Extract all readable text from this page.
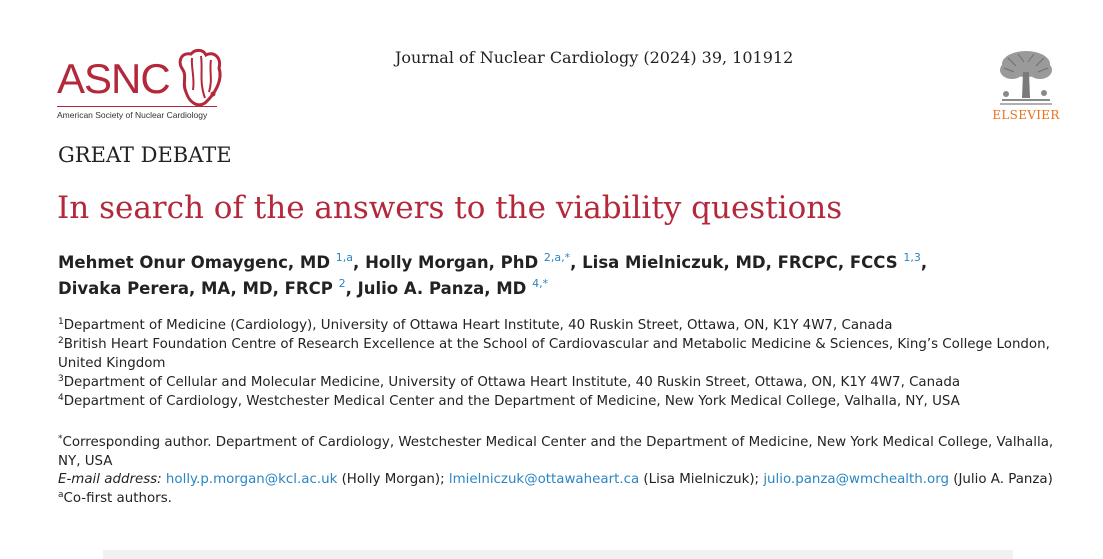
ASNC
American Society of Nuclear Cardiology
Journal of Nuclear Cardiology (2024) 39, 101912
ELSEVIER
GREAT DEBATE
In search of the answers to the viability questions
Mehmet Onur Omaygenc, MD $^{1,a}$, Holly Morgan, PhD $^{2,a,*}$, Lisa Mielniczuk, MD, FRCPC, FCCS $^{1,3}$,
Divaka Perera, MA, MD, FRCP $^2$, Julio A. Panza, MD $^{4,*}$

$^1$Department of Medicine (Cardiology), University of Ottawa Heart Institute, 40 Ruskin Street, Ottawa, ON, K1Y 4W7, Canada

$^2$British Heart Foundation Centre of Research Excellence at the School of Cardiovascular and Metabolic Medicine & Sciences, King’s College London, United Kingdom

$^3$Department of Cellular and Molecular Medicine, University of Ottawa Heart Institute, 40 Ruskin Street, Ottawa, ON, K1Y 4W7, Canada

$^4$Department of Cardiology, Westchester Medical Center and the Department of Medicine, New York Medical College, Valhalla, NY, USA

*Corresponding author. Department of Cardiology, Westchester Medical Center and the Department of Medicine, New York Medical College, Valhalla, NY, USA

E-mail address: holly.p.morgan@kcl.ac.uk (Holly Morgan); lmielniczuk@ottawaheart.ca (Lisa Mielniczuk); julio.panza@wmchealth.org (Julio A. Panza)

$^a$Co-first authors.
